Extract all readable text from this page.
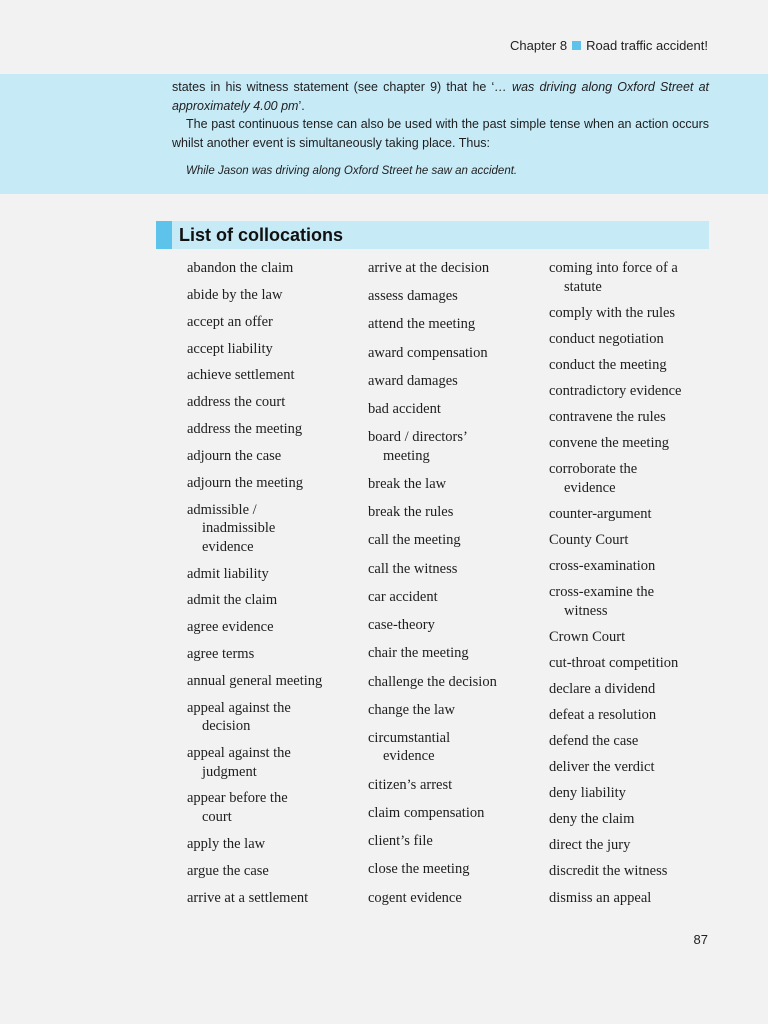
Chapter 8 Road traffic accident!

states in his witness statement (see chapter 9) that he ‘… was driving along Oxford Street at approximately 4.00 pm’.

The past continuous tense can also be used with the past simple tense when an action occurs whilst another event is simultaneously taking place. Thus:

While Jason was driving along Oxford Street he saw an accident.

List of collocations
abandon the claim
abide by the law
accept an offer
accept liability
achieve settlement
address the court
address the meeting
adjourn the case
adjourn the meeting
admissible /
inadmissible
evidence
admit liability
admit the claim
agree evidence
agree terms
annual general meeting
appeal against the
decision
appeal against the
judgment
appear before the
court
apply the law
argue the case
arrive at a settlement
arrive at the decision
assess damages
attend the meeting
award compensation
award damages
bad accident
board / directors’
meeting
break the law
break the rules
call the meeting
call the witness
car accident
case-theory
chair the meeting
challenge the decision
change the law
circumstantial
evidence
citizen’s arrest
claim compensation
client’s file
close the meeting
cogent evidence
coming into force of a
statute
comply with the rules
conduct negotiation
conduct the meeting
contradictory evidence
contravene the rules
convene the meeting
corroborate the
evidence
counter-argument
County Court
cross-examination
cross-examine the
witness
Crown Court
cut-throat competition
declare a dividend
defeat a resolution
defend the case
deliver the verdict
deny liability
deny the claim
direct the jury
discredit the witness
dismiss an appeal
87
